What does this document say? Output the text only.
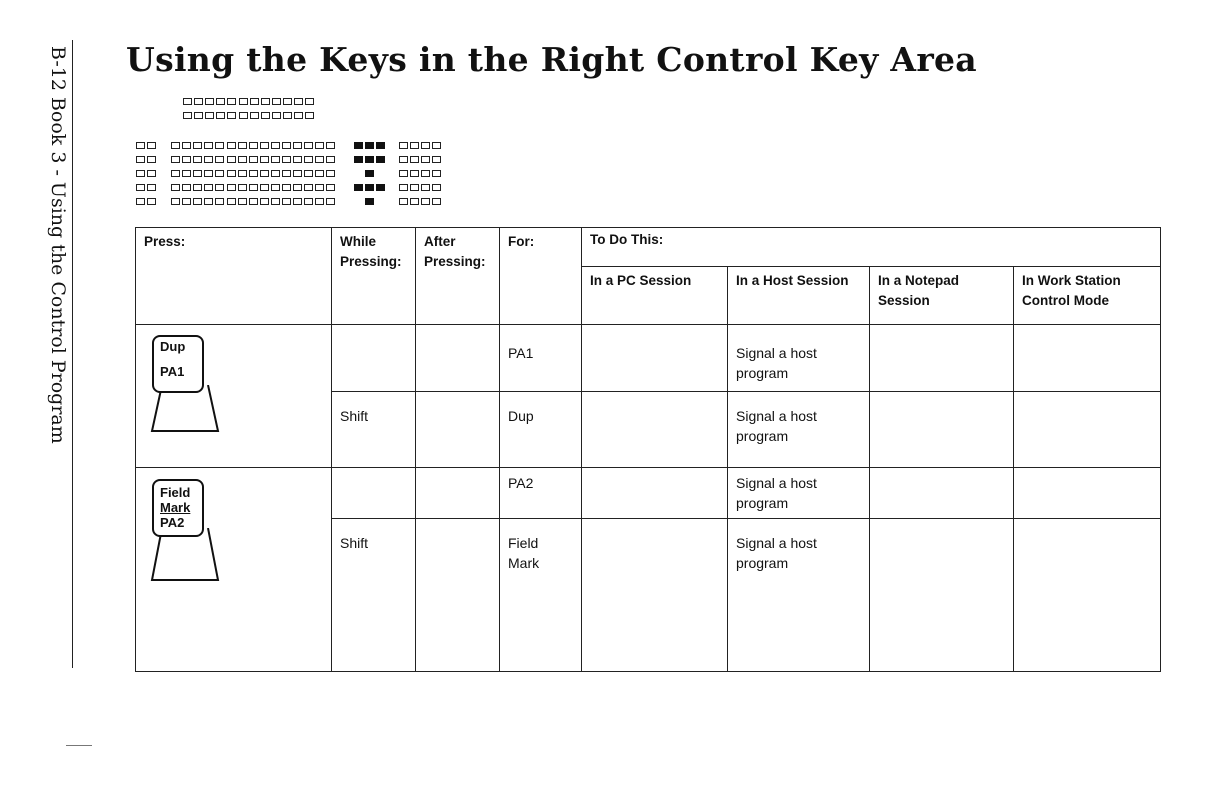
B-12 Book 3 - Using the Control Program Using the Keys in the Right Control Key Area
Press:	While Pressing:	After Pressing:	For:	To Do This:			
				In a PC Session	In a Host Session	In a Notepad Session	In Work Station Control Mode

Dup
PA1			PA1		Signal a host program		
	Shift		Dup		Signal a host program		

Field
Mark
PA2			PA2		Signal a host program		
	Shift		Field Mark		Signal a host program		
